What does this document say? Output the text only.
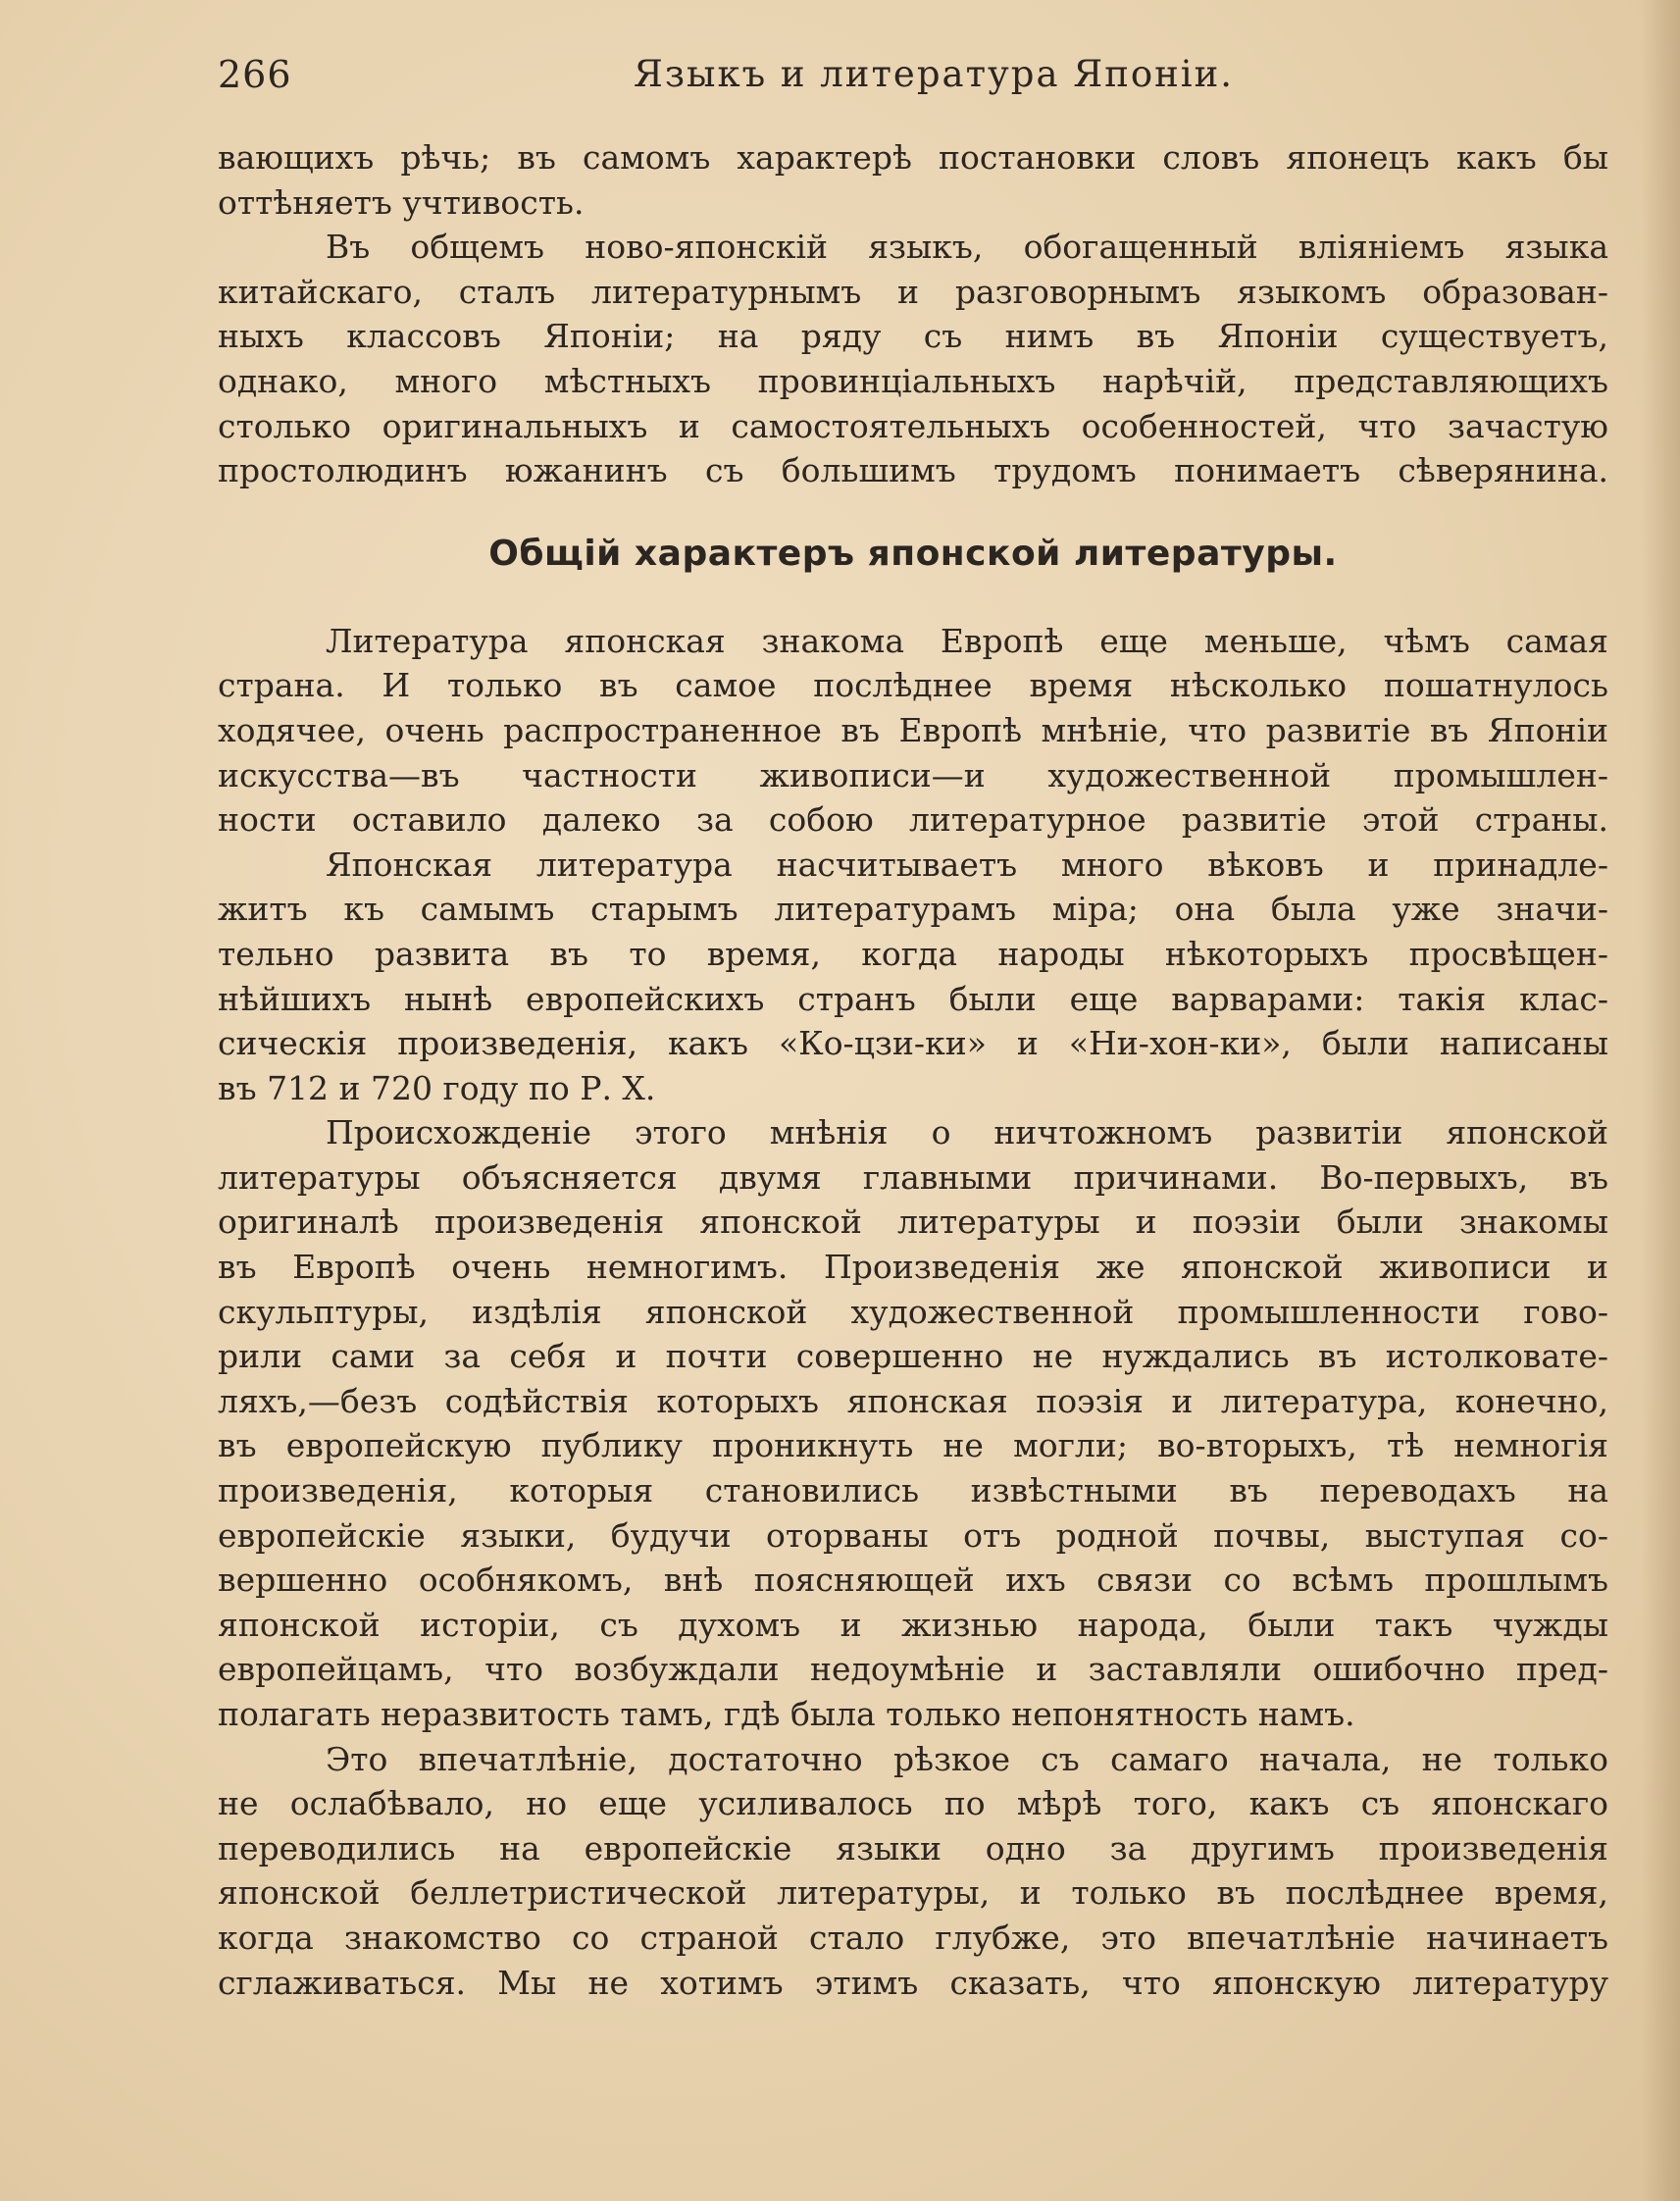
266	Языкъ и литература Японіи.
вающихъ рѣчь; въ самомъ характерѣ постановки словъ японецъ какъ бы
оттѣняетъ учтивость.
Въ общемъ ново-японскій языкъ, обогащенный вліяніемъ языка
китайскаго, сталъ литературнымъ и разговорнымъ языкомъ образован-
ныхъ классовъ Японіи; на ряду съ нимъ въ Японіи существуетъ,
однако, много мѣстныхъ провинціальныхъ нарѣчій, представляющихъ
столько оригинальныхъ и самостоятельныхъ особенностей, что зачастую
простолюдинъ южанинъ съ большимъ трудомъ понимаетъ сѣверянина.
Общій характеръ японской литературы.
Литература японская знакома Европѣ еще меньше, чѣмъ самая
страна. И только въ самое послѣднее время нѣсколько пошатнулось
ходячее, очень распространенное въ Европѣ мнѣніе, что развитіе въ Японіи
искусства—въ частности живописи—и художественной промышлен-
ности оставило далеко за собою литературное развитіе этой страны.
Японская литература насчитываетъ много вѣковъ и принадле-
житъ къ самымъ старымъ литературамъ міра; она была уже значи-
тельно развита въ то время, когда народы нѣкоторыхъ просвѣщен-
нѣйшихъ нынѣ европейскихъ странъ были еще варварами: такія клас-
сическія произведенія, какъ «Ко-цзи-ки» и «Ни-хон-ки», были написаны
въ 712 и 720 году по Р. Х.
Происхожденіе этого мнѣнія о ничтожномъ развитіи японской
литературы объясняется двумя главными причинами. Во-первыхъ, въ
оригиналѣ произведенія японской литературы и поэзіи были знакомы
въ Европѣ очень немногимъ. Произведенія же японской живописи и
скульптуры, издѣлія японской художественной промышленности гово-
рили сами за себя и почти совершенно не нуждались въ истолковате-
ляхъ,—безъ содѣйствія которыхъ японская поэзія и литература, конечно,
въ европейскую публику проникнуть не могли; во-вторыхъ, тѣ немногія
произведенія, которыя становились извѣстными въ переводахъ на
европейскіе языки, будучи оторваны отъ родной почвы, выступая со-
вершенно особнякомъ, внѣ поясняющей ихъ связи со всѣмъ прошлымъ
японской исторіи, съ духомъ и жизнью народа, были такъ чужды
европейцамъ, что возбуждали недоумѣніе и заставляли ошибочно пред-
полагать неразвитость тамъ, гдѣ была только непонятность намъ.
Это впечатлѣніе, достаточно рѣзкое съ самаго начала, не только
не ослабѣвало, но еще усиливалось по мѣрѣ того, какъ съ японскаго
переводились на европейскіе языки одно за другимъ произведенія
японской беллетристической литературы, и только въ послѣднее время,
когда знакомство со страной стало глубже, это впечатлѣніе начинаетъ
сглаживаться. Мы не хотимъ этимъ сказать, что японскую литературу
